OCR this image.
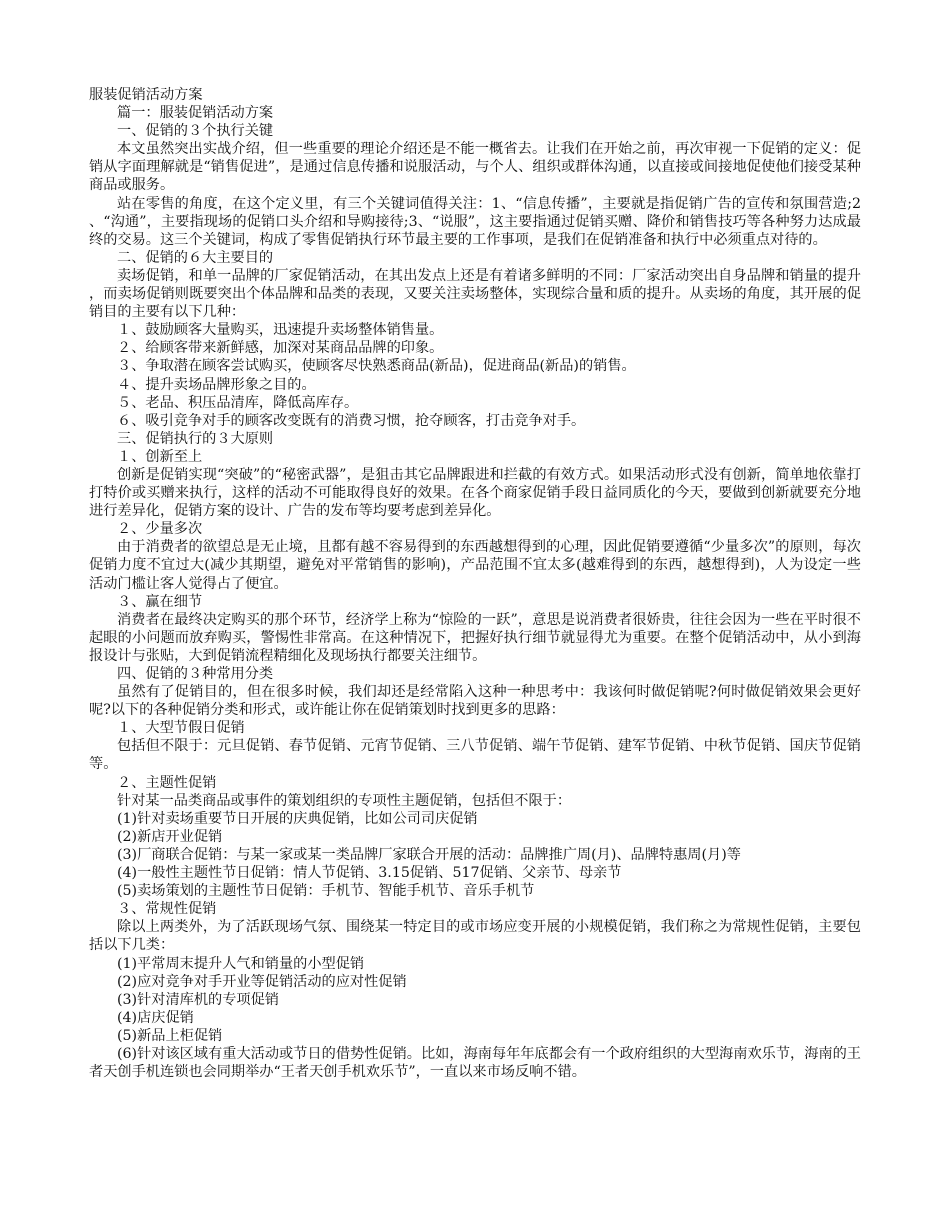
服装促销活动方案

篇一：服装促销活动方案

一、促销的３个执行关键

本文虽然突出实战介绍，但一些重要的理论介绍还是不能一概省去。让我们在开始之前，再次审视一下促销的定义：促销从字面理解就是“销售促进”，是通过信息传播和说服活动，与个人、组织或群体沟通，以直接或间接地促使他们接受某种商品或服务。

站在零售的角度，在这个定义里，有三个关键词值得关注：1、“信息传播”，主要就是指促销广告的宣传和氛围营造;2、“沟通”，主要指现场的促销口头介绍和导购接待;3、“说服”，这主要指通过促销买赠、降价和销售技巧等各种努力达成最终的交易。这三个关键词，构成了零售促销执行环节最主要的工作事项，是我们在促销准备和执行中必须重点对待的。

二、促销的６大主要目的

卖场促销，和单一品牌的厂家促销活动，在其出发点上还是有着诸多鲜明的不同：厂家活动突出自身品牌和销量的提升，而卖场促销则既要突出个体品牌和品类的表现，又要关注卖场整体，实现综合量和质的提升。从卖场的角度，其开展的促销目的主要有以下几种：

１、鼓励顾客大量购买，迅速提升卖场整体销售量。

２、给顾客带来新鲜感，加深对某商品品牌的印象。

３、争取潜在顾客尝试购买，使顾客尽快熟悉商品(新品)，促进商品(新品)的销售。

４、提升卖场品牌形象之目的。

５、老品、积压品清库，降低高库存。

６、吸引竞争对手的顾客改变既有的消费习惯，抢夺顾客，打击竞争对手。

三、促销执行的３大原则

１、创新至上

创新是促销实现“突破”的“秘密武器”，是狙击其它品牌跟进和拦截的有效方式。如果活动形式没有创新，简单地依靠打打特价或买赠来执行，这样的活动不可能取得良好的效果。在各个商家促销手段日益同质化的今天，要做到创新就要充分地进行差异化，促销方案的设计、广告的发布等均要考虑到差异化。

２、少量多次

由于消费者的欲望总是无止境，且都有越不容易得到的东西越想得到的心理，因此促销要遵循“少量多次”的原则，每次促销力度不宜过大(减少其期望，避免对平常销售的影响)，产品范围不宜太多(越难得到的东西，越想得到)，人为设定一些活动门槛让客人觉得占了便宜。

３、赢在细节

消费者在最终决定购买的那个环节，经济学上称为“惊险的一跃”，意思是说消费者很娇贵，往往会因为一些在平时很不起眼的小问题而放弃购买，警惕性非常高。在这种情况下，把握好执行细节就显得尤为重要。在整个促销活动中，从小到海报设计与张贴，大到促销流程精细化及现场执行都要关注细节。

四、促销的３种常用分类

虽然有了促销目的，但在很多时候，我们却还是经常陷入这种一种思考中：我该何时做促销呢?何时做促销效果会更好呢?以下的各种促销分类和形式，或许能让你在促销策划时找到更多的思路：

１、大型节假日促销

包括但不限于：元旦促销、春节促销、元宵节促销、三八节促销、端午节促销、建军节促销、中秋节促销、国庆节促销等。

２、主题性促销

针对某一品类商品或事件的策划组织的专项性主题促销，包括但不限于：

(1)针对卖场重要节日开展的庆典促销，比如公司司庆促销

(2)新店开业促销

(3)厂商联合促销：与某一家或某一类品牌厂家联合开展的活动：品牌推广周(月)、品牌特惠周(月)等

(4)一般性主题性节日促销：情人节促销、3.15促销、517促销、父亲节、母亲节

(5)卖场策划的主题性节日促销：手机节、智能手机节、音乐手机节

３、常规性促销

除以上两类外，为了活跃现场气氛、围绕某一特定目的或市场应变开展的小规模促销，我们称之为常规性促销，主要包括以下几类：

(1)平常周末提升人气和销量的小型促销

(2)应对竞争对手开业等促销活动的应对性促销

(3)针对清库机的专项促销

(4)店庆促销

(5)新品上柜促销

(6)针对该区域有重大活动或节日的借势性促销。比如，海南每年年底都会有一个政府组织的大型海南欢乐节，海南的王者天创手机连锁也会同期举办“王者天创手机欢乐节”，一直以来市场反响不错。
